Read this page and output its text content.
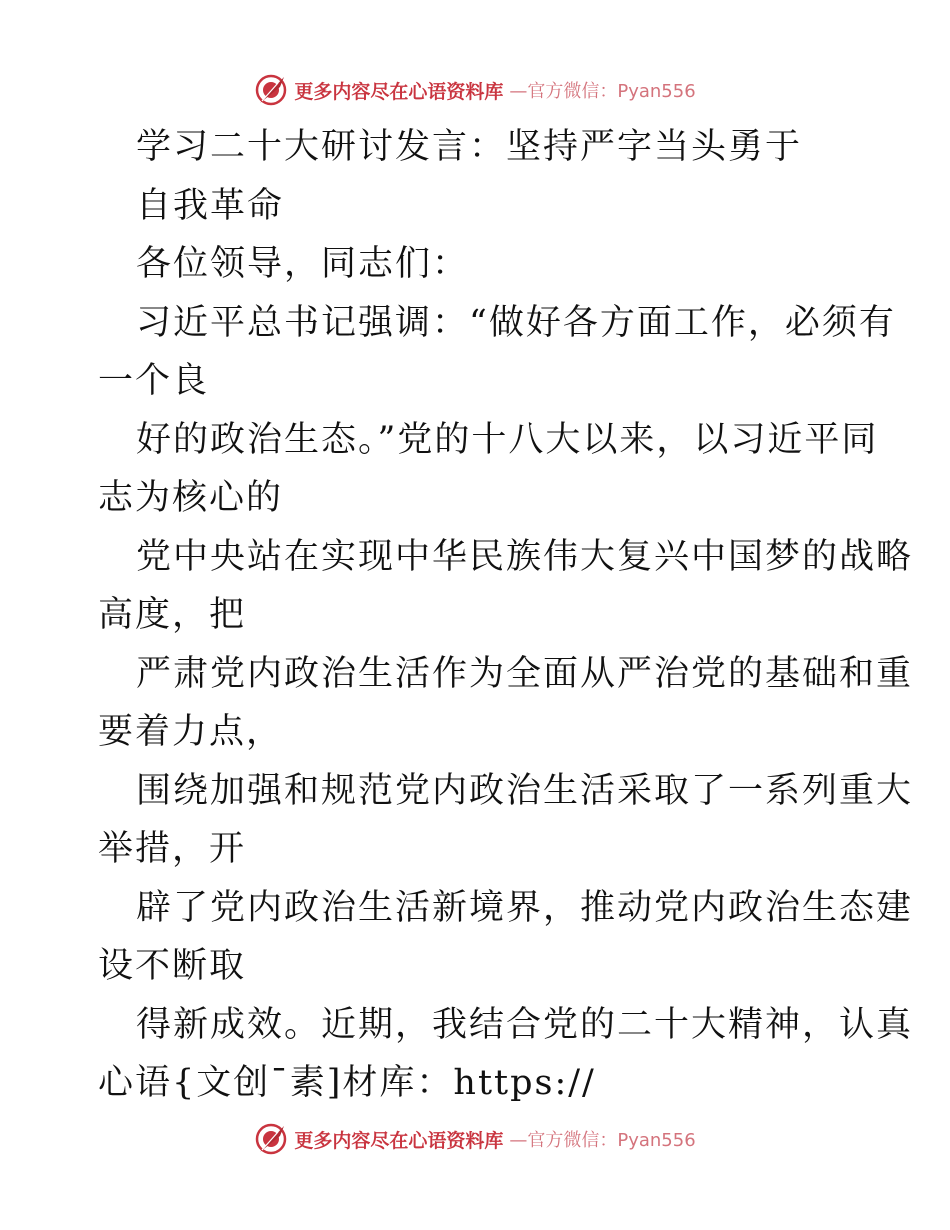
更多内容尽在心语资料库 —官方微信：Pyan556
学习二十大研讨发言：坚持严字当头勇于
自我革命
各位领导，同志们：
习近平总书记强调：“做好各方面工作，必须有
一个良
好的政治生态。”党的十八大以来，以习近平同
志为核心的
党中央站在实现中华民族伟大复兴中国梦的战略
高度，把
严肃党内政治生活作为全面从严治党的基础和重
要着力点，
围绕加强和规范党内政治生活采取了一系列重大
举措，开
辟了党内政治生活新境界，推动党内政治生态建
设不断取
得新成效。近期，我结合党的二十大精神，认真
心语{文创¯素]材库：https://
更多内容尽在心语资料库 —官方微信：Pyan556
